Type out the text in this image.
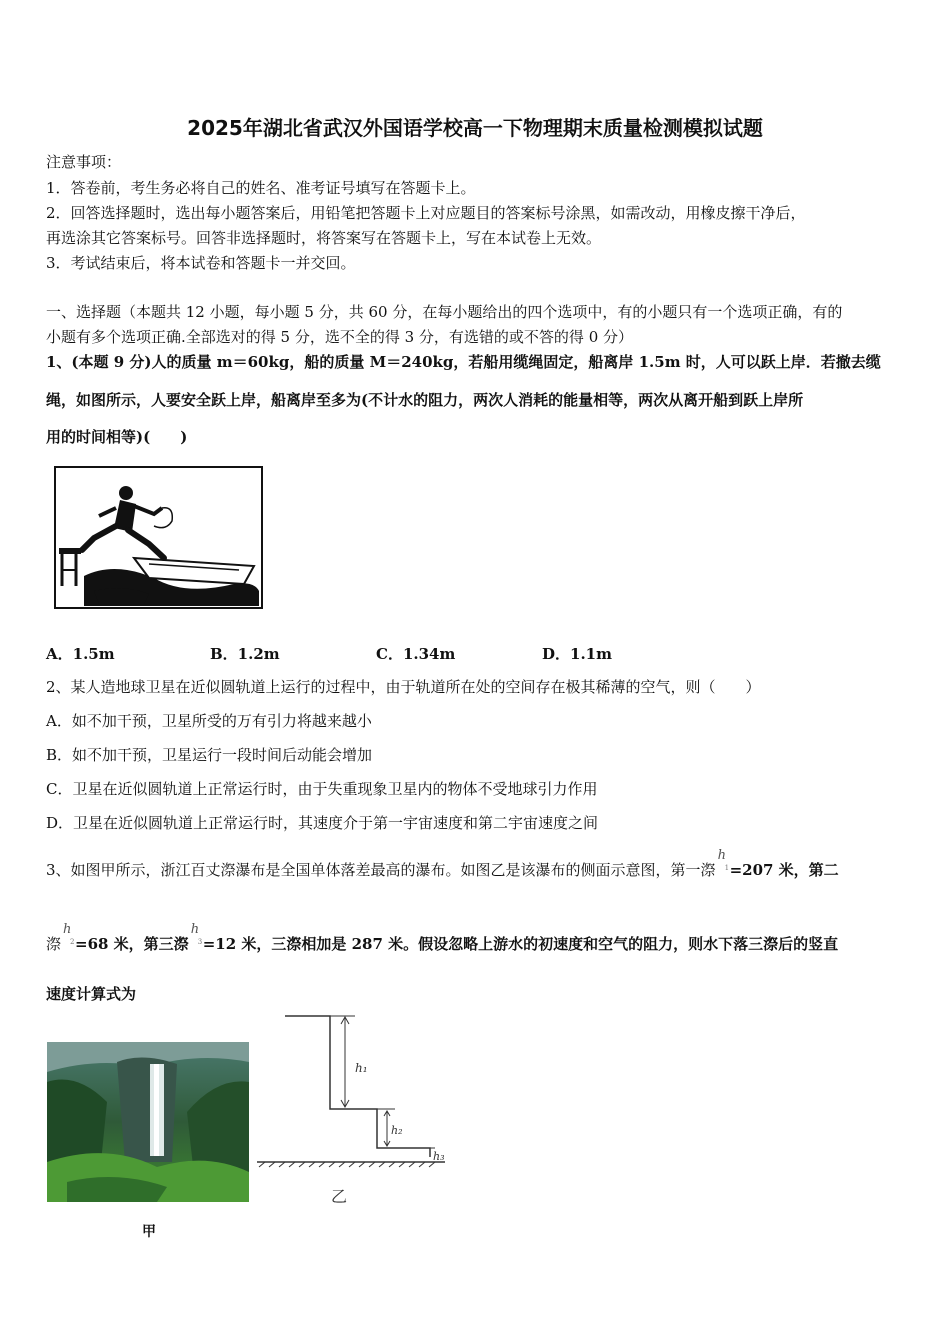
2025年湖北省武汉外国语学校高一下物理期末质量检测模拟试题
注意事项：
1．答卷前，考生务必将自己的姓名、准考证号填写在答题卡上。
2．回答选择题时，选出每小题答案后，用铅笔把答题卡上对应题目的答案标号涂黑，如需改动，用橡皮擦干净后，
再选涂其它答案标号。回答非选择题时，将答案写在答题卡上，写在本试卷上无效。
3．考试结束后，将本试卷和答题卡一并交回。
一、选择题（本题共 12 小题，每小题 5 分，共 60 分，在每小题给出的四个选项中，有的小题只有一个选项正确，有的
小题有多个选项正确.全部选对的得 5 分，选不全的得 3 分，有选错的或不答的得 0 分）
1、(本题 9 分)人的质量 m＝60kg，船的质量 M＝240kg，若船用缆绳固定，船离岸 1.5m 时，人可以跃上岸．若撤去缆
绳，如图所示，人要安全跃上岸，船离岸至多为(不计水的阻力，两次人消耗的能量相等，两次从离开船到跃上岸所
用的时间相等)(　　)
A．1.5m	B．1.2m	C．1.34m	D．1.1m
2、某人造地球卫星在近似圆轨道上运行的过程中，由于轨道所在处的空间存在极其稀薄的空气，则（　　）
A．如不加干预，卫星所受的万有引力将越来越小
B．如不加干预，卫星运行一段时间后动能会增加
C．卫星在近似圆轨道上正常运行时，由于失重现象卫星内的物体不受地球引力作用
D．卫星在近似圆轨道上正常运行时，其速度介于第一宇宙速度和第二宇宙速度之间
3、如图甲所示，浙江百丈漈瀑布是全国单体落差最高的瀑布。如图乙是该瀑布的侧面示意图，第一漈
h
1 =207 米，第二
漈
h
2 =68 米，第三漈
h
3 =12 米，三漈相加是 287 米。假设忽略上游水的初速度和空气的阻力，则水下落三漈后的竖直
速度计算式为
甲
h₁
h₂
h₃
乙
